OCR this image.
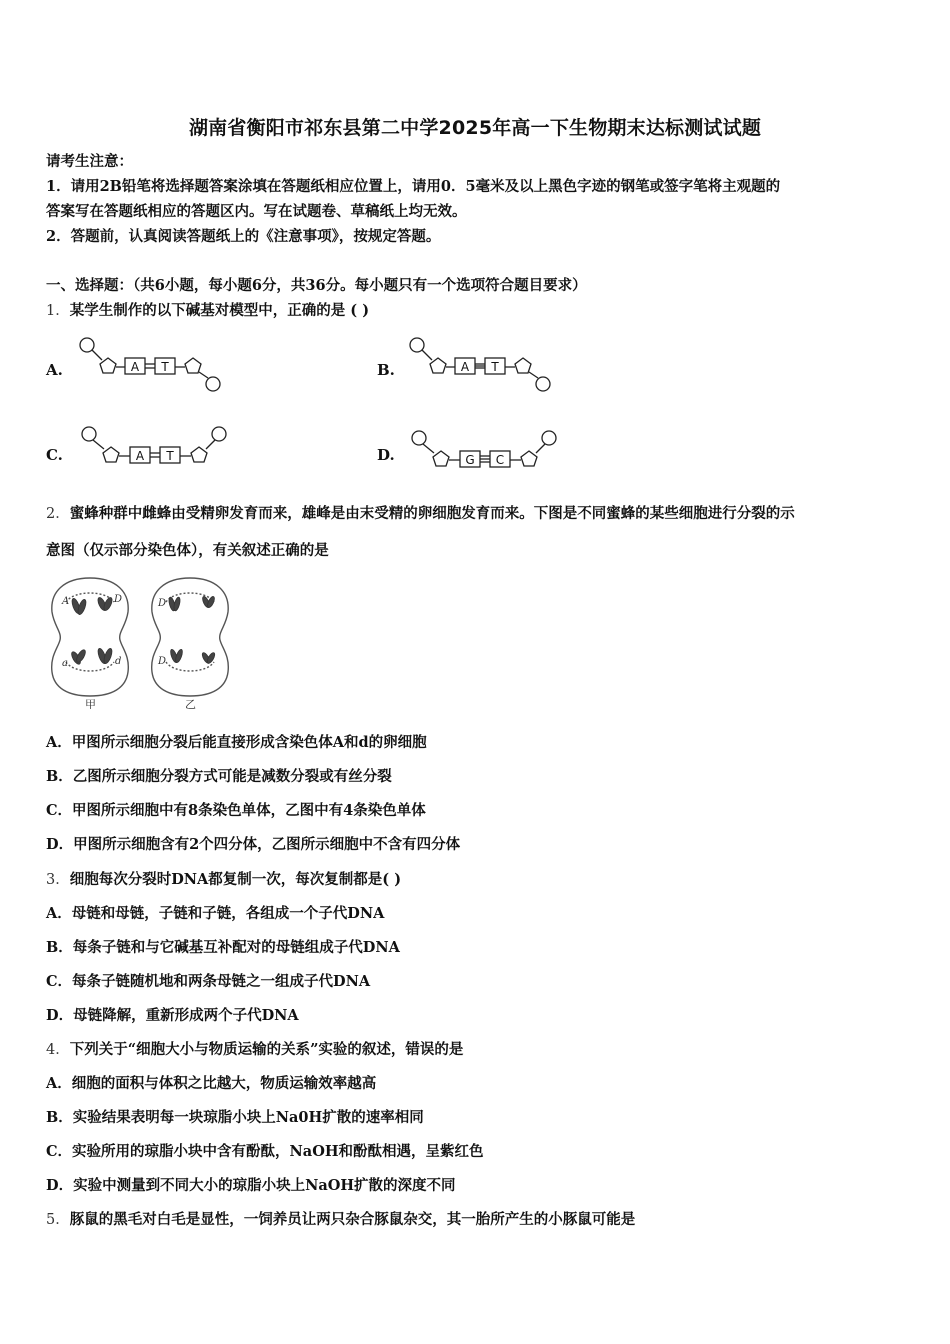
湖南省衡阳市祁东县第二中学2025年高一下生物期末达标测试试题
请考生注意：
1．请用2B铅笔将选择题答案涂填在答题纸相应位置上，请用0．5毫米及以上黑色字迹的钢笔或签字笔将主观题的
答案写在答题纸相应的答题区内。写在试题卷、草稿纸上均无效。
2．答题前，认真阅读答题纸上的《注意事项》，按规定答题。
一、选择题：（共6小题，每小题6分，共36分。每小题只有一个选项符合题目要求）
1．某学生制作的以下碱基对模型中，正确的是 ( )
A.	A T	B.	A T
C.	A T	D.	G C
2．蜜蜂种群中雌蜂由受精卵发育而来，雄峰是由末受精的卵细胞发育而来。下图是不同蜜蜂的某些细胞进行分裂的示
意图（仅示部分染色体），有关叙述正确的是
A	D
a	d
D
D
甲	乙
A．甲图所示细胞分裂后能直接形成含染色体A和d的卵细胞
B．乙图所示细胞分裂方式可能是减数分裂或有丝分裂
C．甲图所示细胞中有8条染色单体，乙图中有4条染色单体
D．甲图所示细胞含有2个四分体，乙图所示细胞中不含有四分体
3．细胞每次分裂时DNA都复制一次，每次复制都是( )
A．母链和母链，子链和子链，各组成一个子代DNA
B．每条子链和与它碱基互补配对的母链组成子代DNA
C．每条子链随机地和两条母链之一组成子代DNA
D．母链降解，重新形成两个子代DNA
4．下列关于“细胞大小与物质运输的关系”实验的叙述，错误的是
A．细胞的面积与体积之比越大，物质运输效率越高
B．实验结果表明每一块琼脂小块上Na0H扩散的速率相同
C．实验所用的琼脂小块中含有酚酞，NaOH和酚酞相遇，呈紫红色
D．实验中测量到不同大小的琼脂小块上NaOH扩散的深度不同
5．豚鼠的黑毛对白毛是显性，一饲养员让两只杂合豚鼠杂交，其一胎所产生的小豚鼠可能是
